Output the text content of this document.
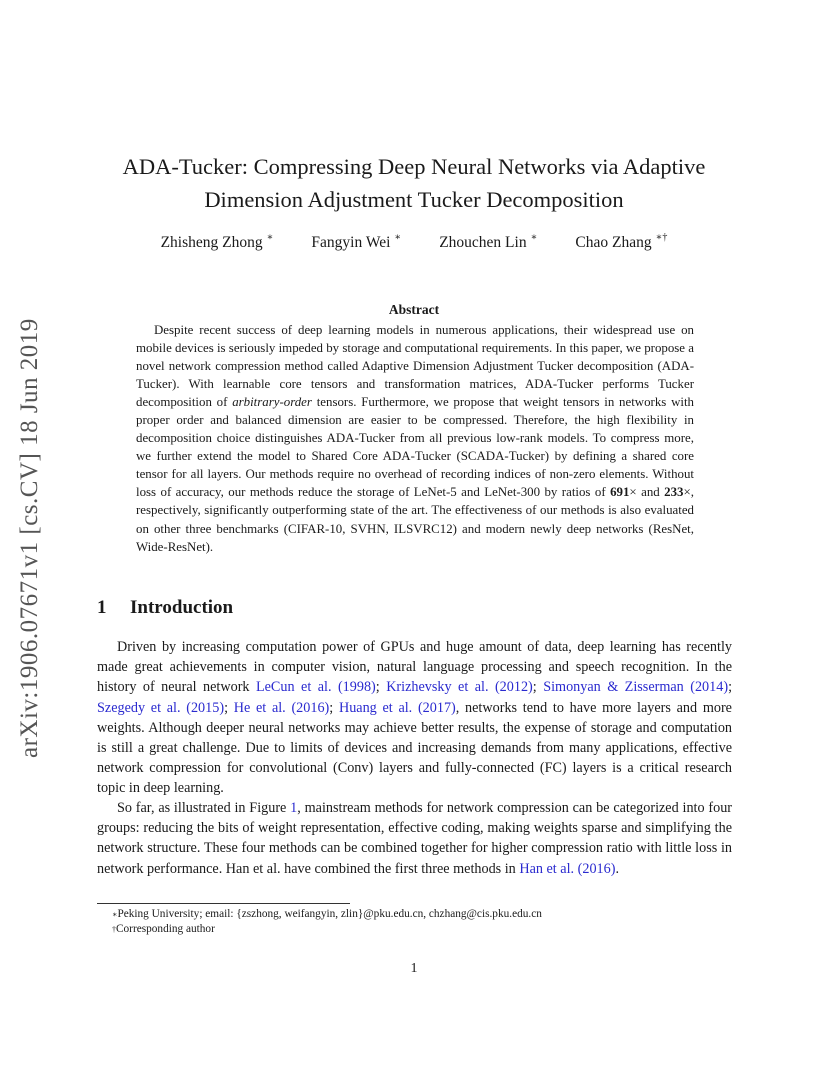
arXiv:1906.07671v1 [cs.CV] 18 Jun 2019
ADA-Tucker: Compressing Deep Neural Networks via Adaptive
Dimension Adjustment Tucker Decomposition
Zhisheng Zhong ∗ Fangyin Wei ∗ Zhouchen Lin ∗ Chao Zhang ∗†
Abstract
Despite recent success of deep learning models in numerous applications, their widespread use on mobile devices is seriously impeded by storage and computational requirements. In this paper, we propose a novel network compression method called Adaptive Dimension Adjustment Tucker decomposition (ADA-Tucker). With learnable core tensors and transformation matrices, ADA-Tucker performs Tucker decomposition of arbitrary-order tensors. Furthermore, we propose that weight tensors in networks with proper order and balanced dimension are easier to be compressed. Therefore, the high flexibility in decomposition choice distinguishes ADA-Tucker from all previous low-rank models. To compress more, we further extend the model to Shared Core ADA-Tucker (SCADA-Tucker) by defining a shared core tensor for all layers. Our methods require no overhead of recording indices of non-zero elements. Without loss of accuracy, our methods reduce the storage of LeNet-5 and LeNet-300 by ratios of 691× and 233×, respectively, significantly outperforming state of the art. The effectiveness of our methods is also evaluated on other three benchmarks (CIFAR-10, SVHN, ILSVRC12) and modern newly deep networks (ResNet, Wide-ResNet).
1 Introduction
Driven by increasing computation power of GPUs and huge amount of data, deep learning has recently made great achievements in computer vision, natural language processing and speech recognition. In the history of neural network LeCun et al. (1998); Krizhevsky et al. (2012); Simonyan & Zisserman (2014); Szegedy et al. (2015); He et al. (2016); Huang et al. (2017), networks tend to have more layers and more weights. Although deeper neural networks may achieve better results, the expense of storage and computation is still a great challenge. Due to limits of devices and increasing demands from many applications, effective network compression for convolutional (Conv) layers and fully-connected (FC) layers is a critical research topic in deep learning.
So far, as illustrated in Figure 1, mainstream methods for network compression can be categorized into four groups: reducing the bits of weight representation, effective coding, making weights sparse and simplifying the network structure. These four methods can be combined together for higher compression ratio with little loss in network performance. Han et al. have combined the first three methods in Han et al. (2016).
∗Peking University; email: {zszhong, weifangyin, zlin}@pku.edu.cn, chzhang@cis.pku.edu.cn
†Corresponding author
1
